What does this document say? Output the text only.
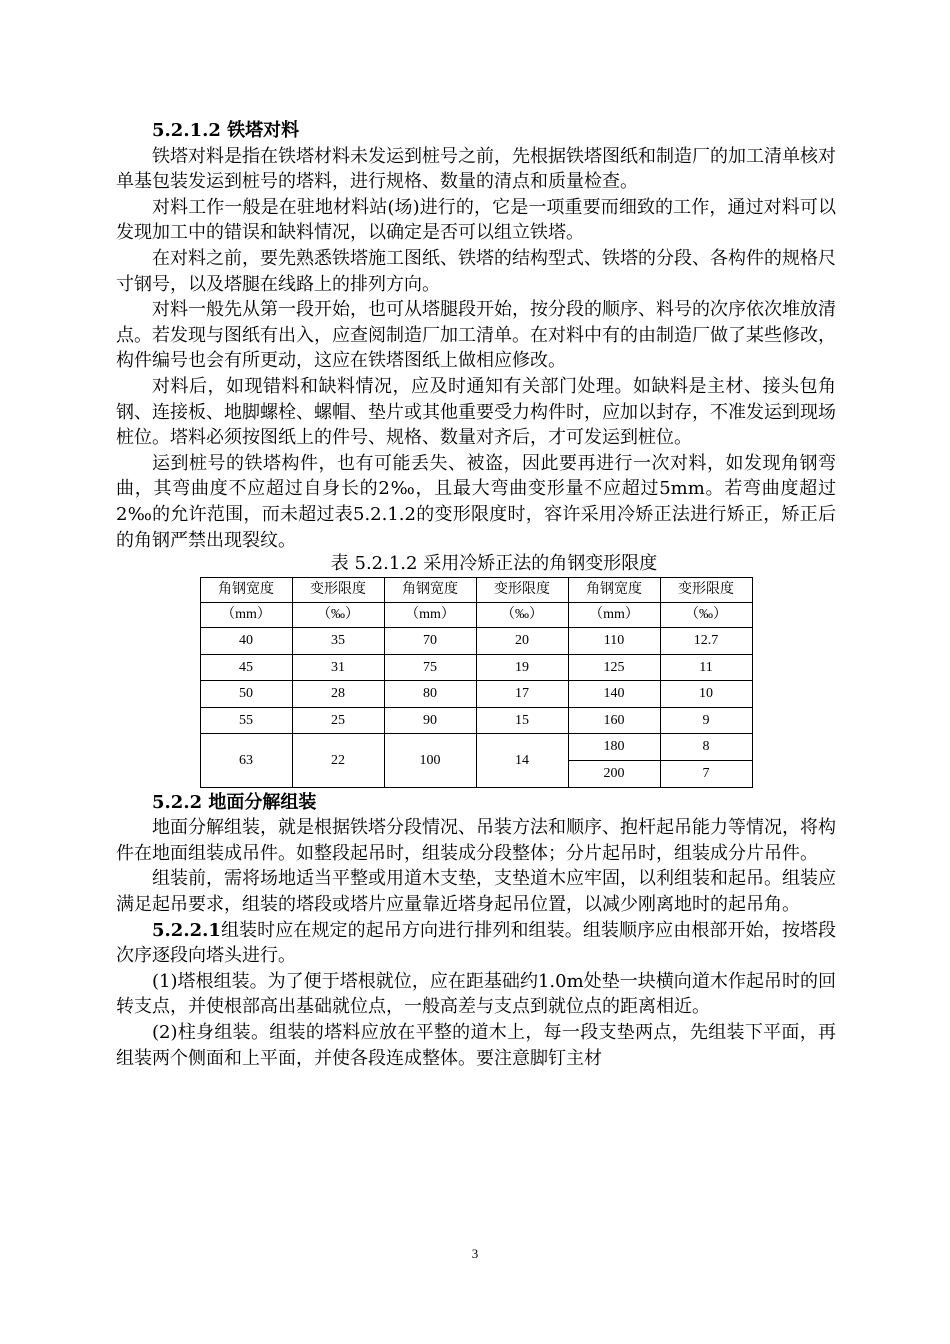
5.2.1.2 铁塔对料

铁塔对料是指在铁塔材料未发运到桩号之前，先根据铁塔图纸和制造厂的加工清单核对单基包装发运到桩号的塔料，进行规格、数量的清点和质量检查。

对料工作一般是在驻地材料站(场)进行的，它是一项重要而细致的工作，通过对料可以发现加工中的错误和缺料情况，以确定是否可以组立铁塔。

在对料之前，要先熟悉铁塔施工图纸、铁塔的结构型式、铁塔的分段、各构件的规格尺寸钢号，以及塔腿在线路上的排列方向。

对料一般先从第一段开始，也可从塔腿段开始，按分段的顺序、料号的次序依次堆放清点。若发现与图纸有出入，应查阅制造厂加工清单。在对料中有的由制造厂做了某些修改，构件编号也会有所更动，这应在铁塔图纸上做相应修改。

对料后，如现错料和缺料情况，应及时通知有关部门处理。如缺料是主材、接头包角钢、连接板、地脚螺栓、螺帽、垫片或其他重要受力构件时，应加以封存，不准发运到现场桩位。塔料必须按图纸上的件号、规格、数量对齐后，才可发运到桩位。

运到桩号的铁塔构件，也有可能丢失、被盗，因此要再进行一次对料，如发现角钢弯曲，其弯曲度不应超过自身长的2‰，且最大弯曲变形量不应超过5mm。若弯曲度超过2‰的允许范围，而未超过表5.2.1.2的变形限度时，容许采用冷矫正法进行矫正，矫正后的角钢严禁出现裂纹。

表 5.2.1.2 采用冷矫正法的角钢变形限度

角钢宽度	变形限度	角钢宽度	变形限度	角钢宽度	变形限度
（mm）	（‰）	（mm）	（‰）	（mm）	（‰）
40	35	70	20	110	12.7
45	31	75	19	125	11
50	28	80	17	140	10
55	25	90	15	160	9
63	22	100	14	180	8
				200	7
5.2.2 地面分解组装

地面分解组装，就是根据铁塔分段情况、吊装方法和顺序、抱杆起吊能力等情况，将构件在地面组装成吊件。如整段起吊时，组装成分段整体；分片起吊时，组装成分片吊件。

组装前，需将场地适当平整或用道木支垫，支垫道木应牢固，以利组装和起吊。组装应满足起吊要求，组装的塔段或塔片应量靠近塔身起吊位置，以减少刚离地时的起吊角。

5.2.2.1组装时应在规定的起吊方向进行排列和组装。组装顺序应由根部开始，按塔段次序逐段向塔头进行。

(1)塔根组装。为了便于塔根就位，应在距基础约1.0m处垫一块横向道木作起吊时的回转支点，并使根部高出基础就位点，一般高差与支点到就位点的距离相近。

(2)柱身组装。组装的塔料应放在平整的道木上，每一段支垫两点，先组装下平面，再组装两个侧面和上平面，并使各段连成整体。要注意脚钉主材

3
